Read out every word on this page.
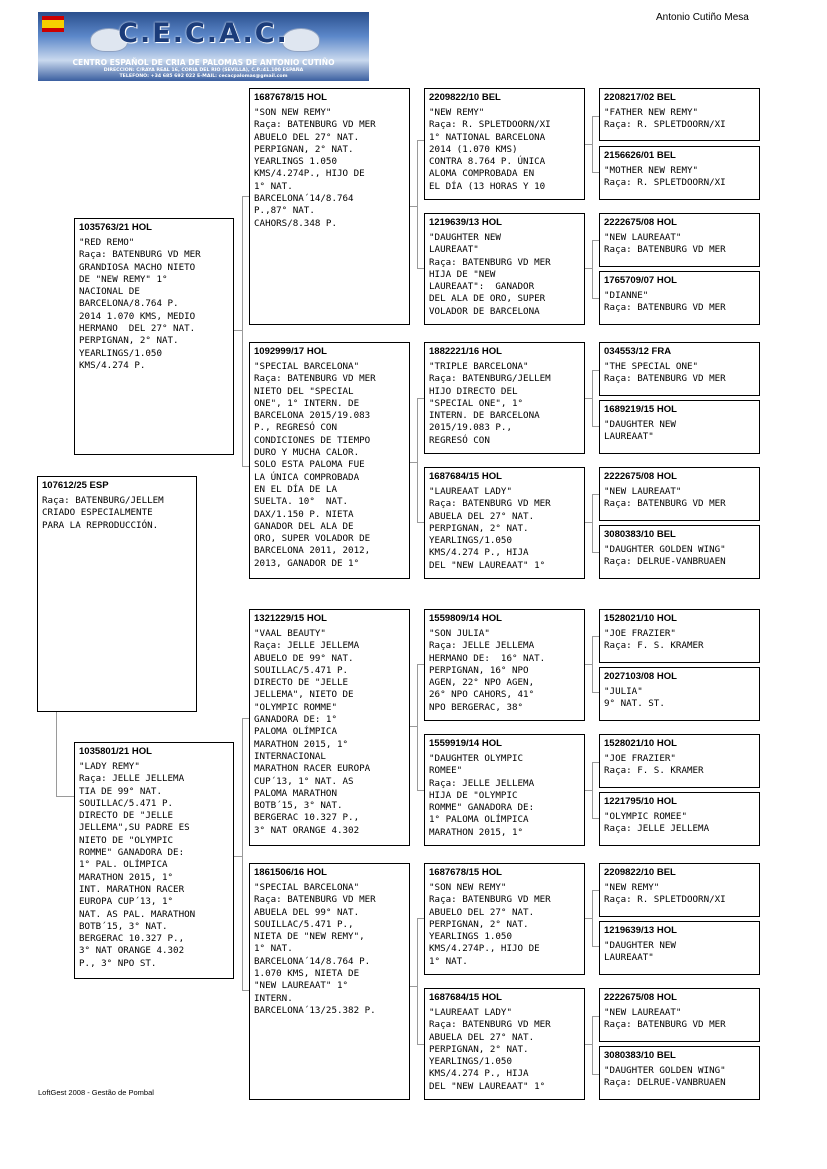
C.E.C.A.C.
CENTRO ESPAÑOL DE CRIA DE PALOMAS DE ANTONIO CUTIÑO
DIRECCION: C/RAYA REAL 16, CORIA DEL RIO (SEVILLA), C.P.:41.100 ESPAÑA
TELEFONO: +34 685 692 022 E-MAIL: cecacpalomas@gmail.com
Antonio Cutiño Mesa
107612/25 ESP
Raça: BATENBURG/JELLEM
CRIADO ESPECIALMENTE
PARA LA REPRODUCCIÓN.
1035763/21 HOL
"RED REMO"
Raça: BATENBURG VD MER
GRANDIOSA MACHO NIETO
DE "NEW REMY" 1°
NACIONAL DE
BARCELONA/8.764 P.
2014 1.070 KMS, MEDIO
HERMANO  DEL 27° NAT.
PERPIGNAN, 2° NAT.
YEARLINGS/1.050
KMS/4.274 P.
1035801/21 HOL
"LADY REMY"
Raça: JELLE JELLEMA
TIA DE 99° NAT.
SOUILLAC/5.471 P.
DIRECTO DE "JELLE
JELLEMA",SU PADRE ES
NIETO DE "OLYMPIC
ROMME" GANADORA DE:
1° PAL. OLÍMPICA
MARATHON 2015, 1°
INT. MARATHON RACER
EUROPA CUP´13, 1°
NAT. AS PAL. MARATHON
BOTB´15, 3° NAT.
BERGERAC 10.327 P.,
3° NAT ORANGE 4.302
P., 3° NPO ST.
1687678/15 HOL
"SON NEW REMY"
Raça: BATENBURG VD MER
ABUELO DEL 27° NAT.
PERPIGNAN, 2° NAT.
YEARLINGS 1.050
KMS/4.274P., HIJO DE
1° NAT.
BARCELONA´14/8.764
P.,87° NAT.
CAHORS/8.348 P.
1092999/17 HOL
"SPECIAL BARCELONA"
Raça: BATENBURG VD MER
NIETO DEL "SPECIAL
ONE", 1° INTERN. DE
BARCELONA 2015/19.083
P., REGRESÓ CON
CONDICIONES DE TIEMPO
DURO Y MUCHA CALOR.
SOLO ESTA PALOMA FUE
LA ÚNICA COMPROBADA
EN EL DÍA DE LA
SUELTA. 10°  NAT.
DAX/1.150 P. NIETA
GANADOR DEL ALA DE
ORO, SUPER VOLADOR DE
BARCELONA 2011, 2012,
2013, GANADOR DE 1°
1321229/15 HOL
"VAAL BEAUTY"
Raça: JELLE JELLEMA
ABUELO DE 99° NAT.
SOUILLAC/5.471 P.
DIRECTO DE "JELLE
JELLEMA", NIETO DE
"OLYMPIC ROMME"
GANADORA DE: 1°
PALOMA OLÍMPICA
MARATHON 2015, 1°
INTERNACIONAL
MARATHON RACER EUROPA
CUP´13, 1° NAT. AS
PALOMA MARATHON
BOTB´15, 3° NAT.
BERGERAC 10.327 P.,
3° NAT ORANGE 4.302
1861506/16 HOL
"SPECIAL BARCELONA"
Raça: BATENBURG VD MER
ABUELA DEL 99° NAT.
SOUILLAC/5.471 P.,
NIETA DE "NEW REMY",
1° NAT.
BARCELONA´14/8.764 P.
1.070 KMS, NIETA DE
"NEW LAUREAAT" 1°
INTERN.
BARCELONA´13/25.382 P.
2209822/10 BEL
"NEW REMY"
Raça: R. SPLETDOORN/XI
1° NATIONAL BARCELONA
2014 (1.070 KMS)
CONTRA 8.764 P. ÚNICA
ALOMA COMPROBADA EN
EL DÍA (13 HORAS Y 10
1219639/13 HOL
"DAUGHTER NEW
LAUREAAT"
Raça: BATENBURG VD MER
HIJA DE "NEW
LAUREAAT":  GANADOR
DEL ALA DE ORO, SUPER
VOLADOR DE BARCELONA
1882221/16 HOL
"TRIPLE BARCELONA"
Raça: BATENBURG/JELLEM
HIJO DIRECTO DEL
"SPECIAL ONE", 1°
INTERN. DE BARCELONA
2015/19.083 P.,
REGRESÓ CON
1687684/15 HOL
"LAUREAAT LADY"
Raça: BATENBURG VD MER
ABUELA DEL 27° NAT.
PERPIGNAN, 2° NAT.
YEARLINGS/1.050
KMS/4.274 P., HIJA
DEL "NEW LAUREAAT" 1°
1559809/14 HOL
"SON JULIA"
Raça: JELLE JELLEMA
HERMANO DE:  16° NAT.
PERPIGNAN, 16° NPO
AGEN, 22° NPO AGEN,
26° NPO CAHORS, 41°
NPO BERGERAC, 38°
1559919/14 HOL
"DAUGHTER OLYMPIC
ROMEE"
Raça: JELLE JELLEMA
HIJA DE "OLYMPIC
ROMME" GANADORA DE:
1° PALOMA OLÍMPICA
MARATHON 2015, 1°
1687678/15 HOL
"SON NEW REMY"
Raça: BATENBURG VD MER
ABUELO DEL 27° NAT.
PERPIGNAN, 2° NAT.
YEARLINGS 1.050
KMS/4.274P., HIJO DE
1° NAT.
1687684/15 HOL
"LAUREAAT LADY"
Raça: BATENBURG VD MER
ABUELA DEL 27° NAT.
PERPIGNAN, 2° NAT.
YEARLINGS/1.050
KMS/4.274 P., HIJA
DEL "NEW LAUREAAT" 1°
2208217/02 BEL
"FATHER NEW REMY"
Raça: R. SPLETDOORN/XI
2156626/01 BEL
"MOTHER NEW REMY"
Raça: R. SPLETDOORN/XI
2222675/08 HOL
"NEW LAUREAAT"
Raça: BATENBURG VD MER
1765709/07 HOL
"DIANNE"
Raça: BATENBURG VD MER
034553/12 FRA
"THE SPECIAL ONE"
Raça: BATENBURG VD MER
1689219/15 HOL
"DAUGHTER NEW
LAUREAAT"
2222675/08 HOL
"NEW LAUREAAT"
Raça: BATENBURG VD MER
3080383/10 BEL
"DAUGHTER GOLDEN WING"
Raça: DELRUE-VANBRUAEN
1528021/10 HOL
"JOE FRAZIER"
Raça: F. S. KRAMER
2027103/08 HOL
"JULIA"
9° NAT. ST.
1528021/10 HOL
"JOE FRAZIER"
Raça: F. S. KRAMER
1221795/10 HOL
"OLYMPIC ROMEE"
Raça: JELLE JELLEMA
2209822/10 BEL
"NEW REMY"
Raça: R. SPLETDOORN/XI
1219639/13 HOL
"DAUGHTER NEW
LAUREAAT"
2222675/08 HOL
"NEW LAUREAAT"
Raça: BATENBURG VD MER
3080383/10 BEL
"DAUGHTER GOLDEN WING"
Raça: DELRUE-VANBRUAEN
LoftGest 2008 - Gestão de Pombal
